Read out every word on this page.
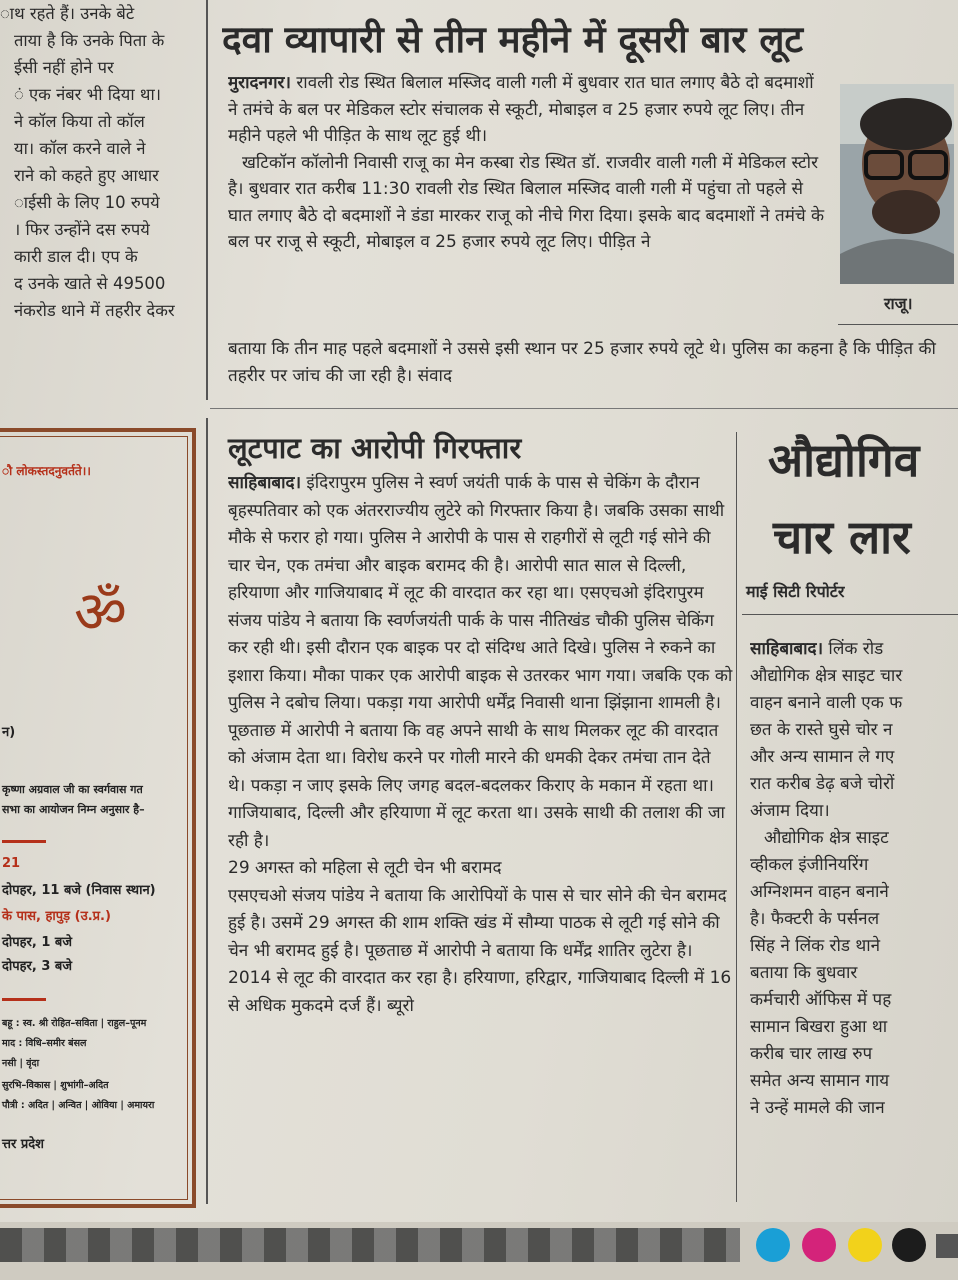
ाथ रहते हैं। उनके बेटे

ताया है कि उनके पिता के

ईसी नहीं होने पर

ं एक नंबर भी दिया था।

ने कॉल किया तो कॉल

या। कॉल करने वाले ने

राने को कहते हुए आधार

ाईसी के लिए 10 रुपये

। फिर उन्होंने दस रुपये

कारी डाल दी। एप के

द उनके खाते से 49500

नंकरोड थाने में तहरीर देकर

दवा व्यापारी से तीन महीने में दूसरी बार लूट

मुरादनगर। रावली रोड स्थित बिलाल मस्जिद वाली गली में बुधवार रात घात लगाए बैठे दो बदमाशों ने तमंचे के बल पर मेडिकल स्टोर संचालक से स्कूटी, मोबाइल व 25 हजार रुपये लूट लिए। तीन महीने पहले भी पीड़ित के साथ लूट हुई थी।

खटिकॉन कॉलोनी निवासी राजू का मेन कस्बा रोड स्थित डॉ. राजवीर वाली गली में मेडिकल स्टोर है। बुधवार रात करीब 11:30 रावली रोड स्थित बिलाल मस्जिद वाली गली में पहुंचा तो पहले से घात लगाए बैठे दो बदमाशों ने डंडा मारकर राजू को नीचे गिरा दिया। इसके बाद बदमाशों ने तमंचे के बल पर राजू से स्कूटी, मोबाइल व 25 हजार रुपये लूट लिए। पीड़ित ने

बताया कि तीन माह पहले बदमाशों ने उससे इसी स्थान पर 25 हजार रुपये लूटे थे। पुलिस का कहना है कि पीड़ित की तहरीर पर जांच की जा रही है। संवाद

राजू।
ौ लोकस्तदनुवर्तते।।
ॐ
न)
कृष्णा अग्रवाल जी का स्वर्गवास गत
सभा का आयोजन निम्न अनुसार है–
21
दोपहर, 11 बजे (निवास स्थान)
के पास, हापुड़ (उ.प्र.)
दोपहर, 1 बजे
दोपहर, 3 बजे
बहू : स्व. श्री रोहित–सविता | राहुल–पूनम
माद : विधि–समीर बंसल
नसी | वृंदा
सुरभि–विकास | शुभांगी–अदित
पौत्री : अदित | अन्वित | ओविया | अमायरा
त्तर प्रदेश
लूटपाट का आरोपी गिरफ्तार

साहिबाबाद। इंदिरापुरम पुलिस ने स्वर्ण जयंती पार्क के पास से चेकिंग के दौरान बृहस्पतिवार को एक अंतरराज्यीय लुटेरे को गिरफ्तार किया है। जबकि उसका साथी मौके से फरार हो गया। पुलिस ने आरोपी के पास से राहगीरों से लूटी गई सोने की चार चेन, एक तमंचा और बाइक बरामद की है। आरोपी सात साल से दिल्ली, हरियाणा और गाजियाबाद में लूट की वारदात कर रहा था। एसएचओ इंदिरापुरम संजय पांडेय ने बताया कि स्वर्णजयंती पार्क के पास नीतिखंड चौकी पुलिस चेकिंग कर रही थी। इसी दौरान एक बाइक पर दो संदिग्ध आते दिखे। पुलिस ने रुकने का इशारा किया। मौका पाकर एक आरोपी बाइक से उतरकर भाग गया। जबकि एक को पुलिस ने दबोच लिया। पकड़ा गया आरोपी धर्मेंद्र निवासी थाना झिंझाना शामली है। पूछताछ में आरोपी ने बताया कि वह अपने साथी के साथ मिलकर लूट की वारदात को अंजाम देता था। विरोध करने पर गोली मारने की धमकी देकर तमंचा तान देते थे। पकड़ा न जाए इसके लिए जगह बदल-बदलकर किराए के मकान में रहता था। गाजियाबाद, दिल्ली और हरियाणा में लूट करता था। उसके साथी की तलाश की जा रही है।

29 अगस्त को महिला से लूटी चेन भी बरामद

एसएचओ संजय पांडेय ने बताया कि आरोपियों के पास से चार सोने की चेन बरामद हुई है। उसमें 29 अगस्त की शाम शक्ति खंड में सौम्या पाठक से लूटी गई सोने की चेन भी बरामद हुई है। पूछताछ में आरोपी ने बताया कि धर्मेंद्र शातिर लुटेरा है। 2014 से लूट की वारदात कर रहा है। हरियाणा, हरिद्वार, गाजियाबाद दिल्ली में 16 से अधिक मुकदमे दर्ज हैं। ब्यूरो

औद्योगिव
चार लार
माई सिटी रिपोर्टर

साहिबाबाद। लिंक रोड

औद्योगिक क्षेत्र साइट चार

वाहन बनाने वाली एक फ

छत के रास्ते घुसे चोर न

और अन्य सामान ले गए

रात करीब डेढ़ बजे चोरों

अंजाम दिया।

औद्योगिक क्षेत्र साइट

व्हीकल इंजीनियरिंग

अग्निशमन वाहन बनाने

है। फैक्टरी के पर्सनल

सिंह ने लिंक रोड थाने

बताया कि बुधवार

कर्मचारी ऑफिस में पह

सामान बिखरा हुआ था

करीब चार लाख रुप

समेत अन्य सामान गाय

ने उन्हें मामले की जान
